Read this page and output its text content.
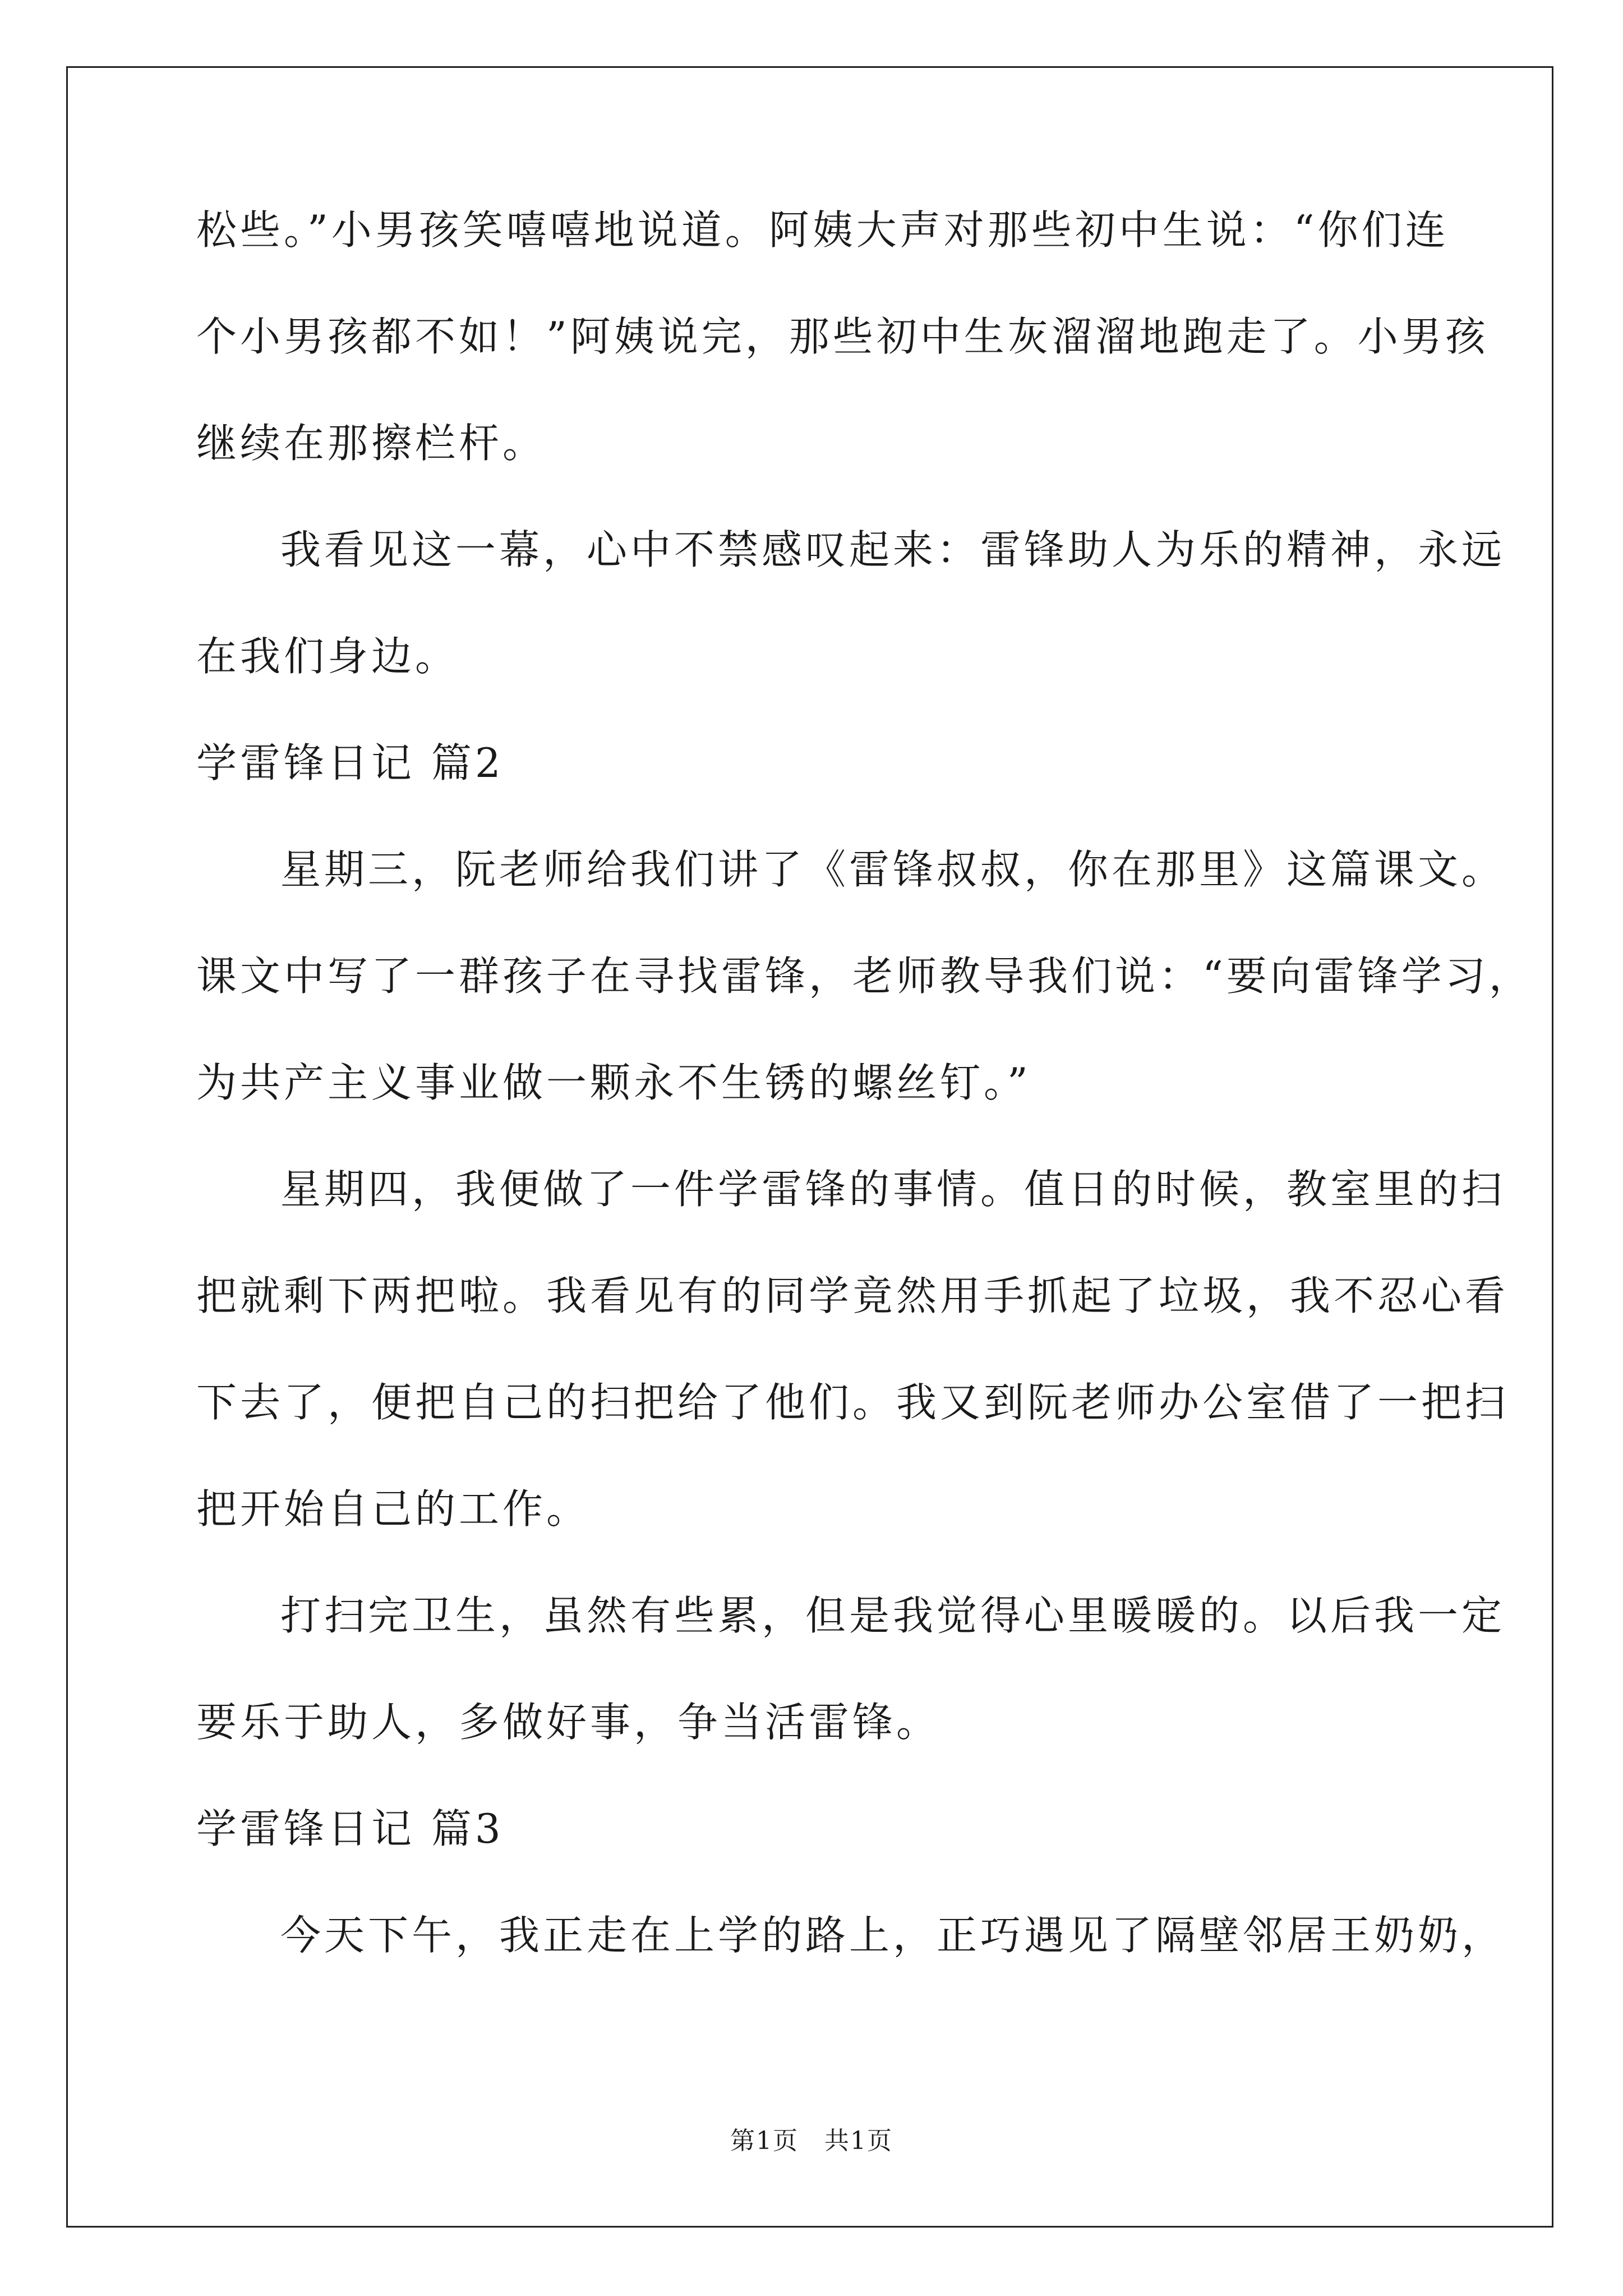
松些。”小男孩笑嘻嘻地说道。阿姨大声对那些初中生说：“你们连
个小男孩都不如！”阿姨说完，那些初中生灰溜溜地跑走了。小男孩
继续在那擦栏杆。
我看见这一幕，心中不禁感叹起来：雷锋助人为乐的精神，永远
在我们身边。
学雷锋日记 篇2
星期三，阮老师给我们讲了《雷锋叔叔，你在那里》这篇课文。
课文中写了一群孩子在寻找雷锋，老师教导我们说：“要向雷锋学习，
为共产主义事业做一颗永不生锈的螺丝钉。”
星期四，我便做了一件学雷锋的事情。值日的时候，教室里的扫
把就剩下两把啦。我看见有的同学竟然用手抓起了垃圾，我不忍心看
下去了，便把自己的扫把给了他们。我又到阮老师办公室借了一把扫
把开始自己的工作。
打扫完卫生，虽然有些累，但是我觉得心里暖暖的。以后我一定
要乐于助人，多做好事，争当活雷锋。
学雷锋日记 篇3
今天下午，我正走在上学的路上，正巧遇见了隔壁邻居王奶奶，
第1页　共1页
